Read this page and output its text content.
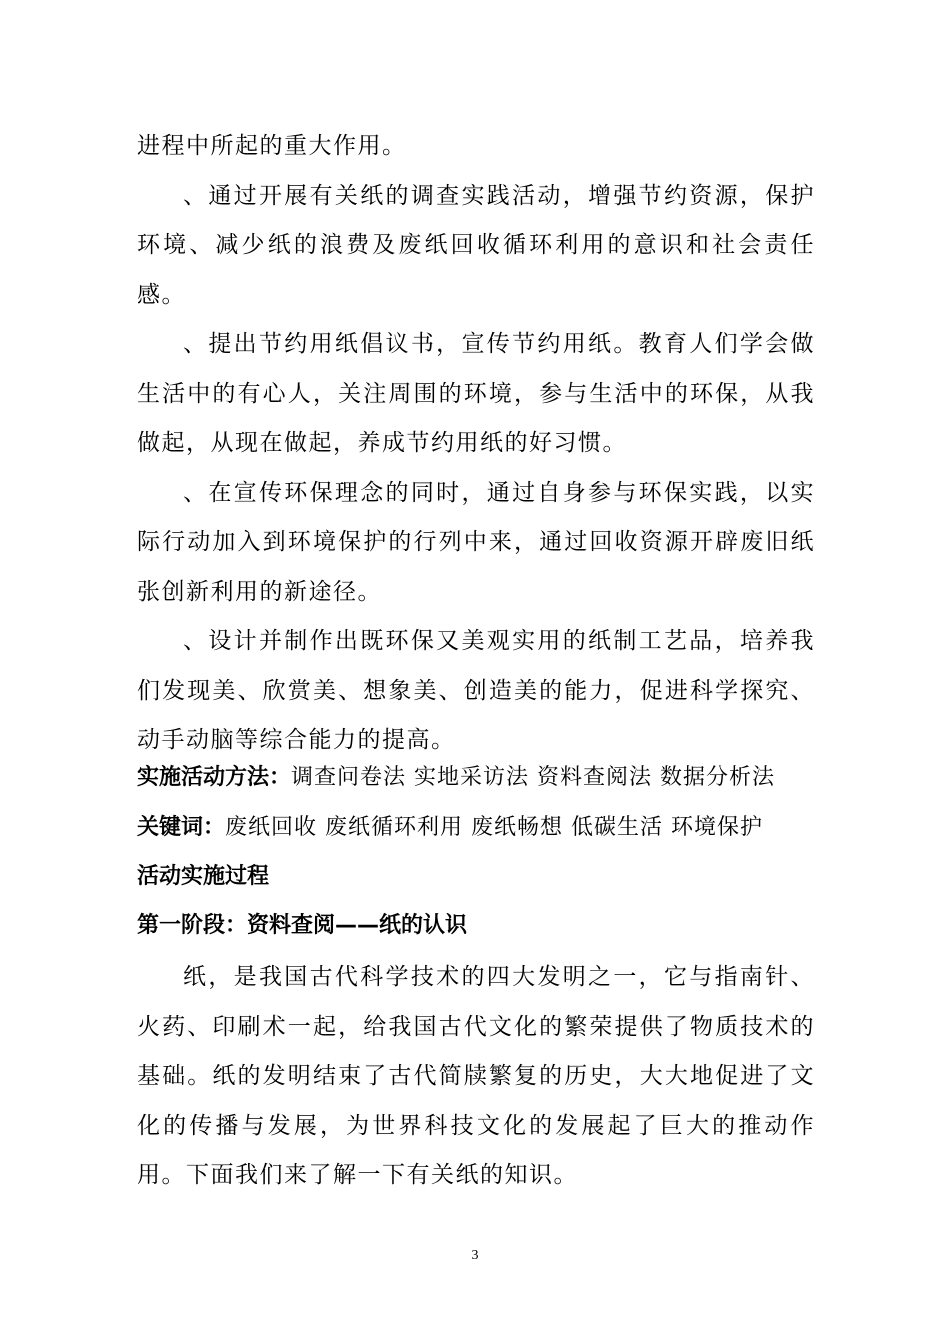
进程中所起的重大作用。

、通过开展有关纸的调查实践活动，增强节约资源，保护环境、减少纸的浪费及废纸回收循环利用的意识和社会责任感。

、提出节约用纸倡议书，宣传节约用纸。教育人们学会做生活中的有心人，关注周围的环境，参与生活中的环保，从我做起，从现在做起，养成节约用纸的好习惯。

、在宣传环保理念的同时，通过自身参与环保实践，以实际行动加入到环境保护的行列中来，通过回收资源开辟废旧纸张创新利用的新途径。

、设计并制作出既环保又美观实用的纸制工艺品，培养我们发现美、欣赏美、想象美、创造美的能力，促进科学探究、动手动脑等综合能力的提高。

实施活动方法：调查问卷法 实地采访法 资料查阅法 数据分析法
关键词：废纸回收 废纸循环利用 废纸畅想 低碳生活 环境保护
活动实施过程
第一阶段：资料查阅——纸的认识

纸，是我国古代科学技术的四大发明之一，它与指南针、火药、印刷术一起，给我国古代文化的繁荣提供了物质技术的基础。纸的发明结束了古代简牍繁复的历史，大大地促进了文化的传播与发展，为世界科技文化的发展起了巨大的推动作用。下面我们来了解一下有关纸的知识。

3
